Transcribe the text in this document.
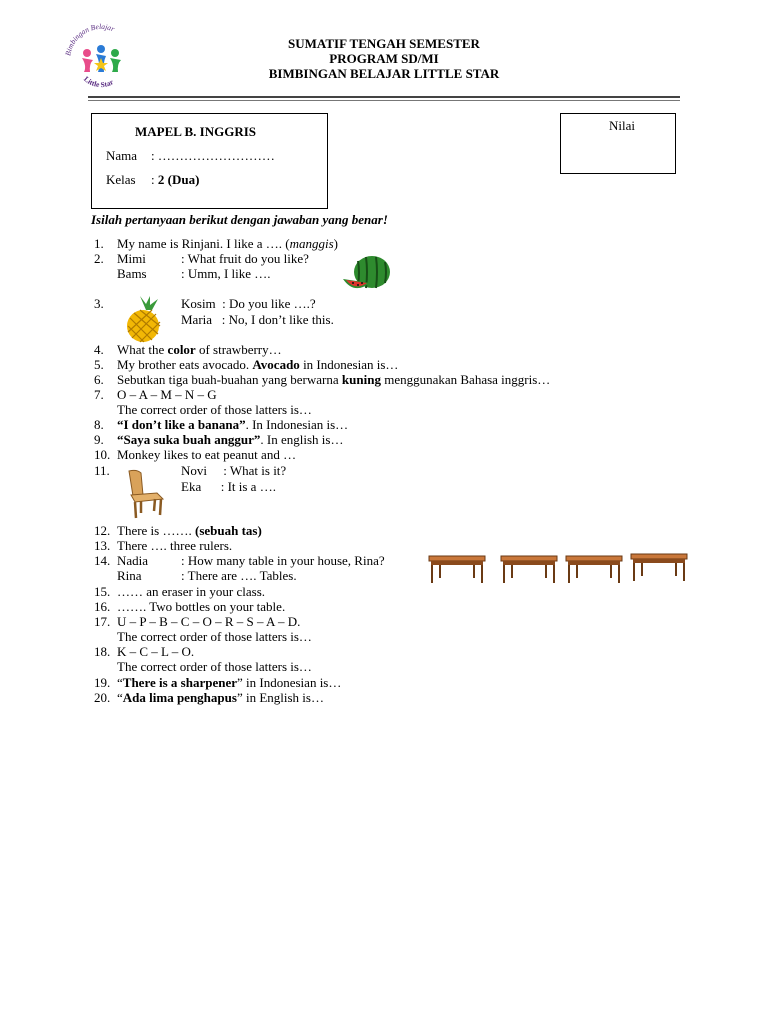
Bimbingan Belajar
Little Star
SUMATIF TENGAH SEMESTER
PROGRAM SD/MI
BIMBINGAN BELAJAR LITTLE STAR
MAPEL B. INGGRIS
Nama : ………………………
Kelas : 2 (Dua)
Nilai
Isilah pertanyaan berikut dengan jawaban yang benar!
1. My name is Rinjani. I like a …. (manggis)
2. Mimi	: What fruit do you like?
Bams	: Umm, I like ….
3.	Kosim  : Do you like ….?
Maria   : No, I don’t like this.
4. What the color of strawberry…
5. My brother eats avocado. Avocado in Indonesian is…
6. Sebutkan tiga buah-buahan yang berwarna kuning menggunakan Bahasa inggris…
7. O – A – M – N – G
The correct order of those latters is…
8. “I don’t like a banana”. In Indonesian is…
9. “Saya suka buah anggur”. In english is…
10. Monkey likes to eat peanut and …
11.	Novi     : What is it?
Eka      : It is a ….
12. There is ……. (sebuah tas)
13. There …. three rulers.
14. Nadia	: How many table in your house, Rina?
Rina	: There are …. Tables.
15. …… an eraser in your class.
16. ……. Two bottles on your table.
17. U – P – B – C – O – R – S – A – D.
The correct order of those latters is…
18. K – C – L – O.
The correct order of those latters is…
19. “There is a sharpener” in Indonesian is…
20. “Ada lima penghapus” in English is…
